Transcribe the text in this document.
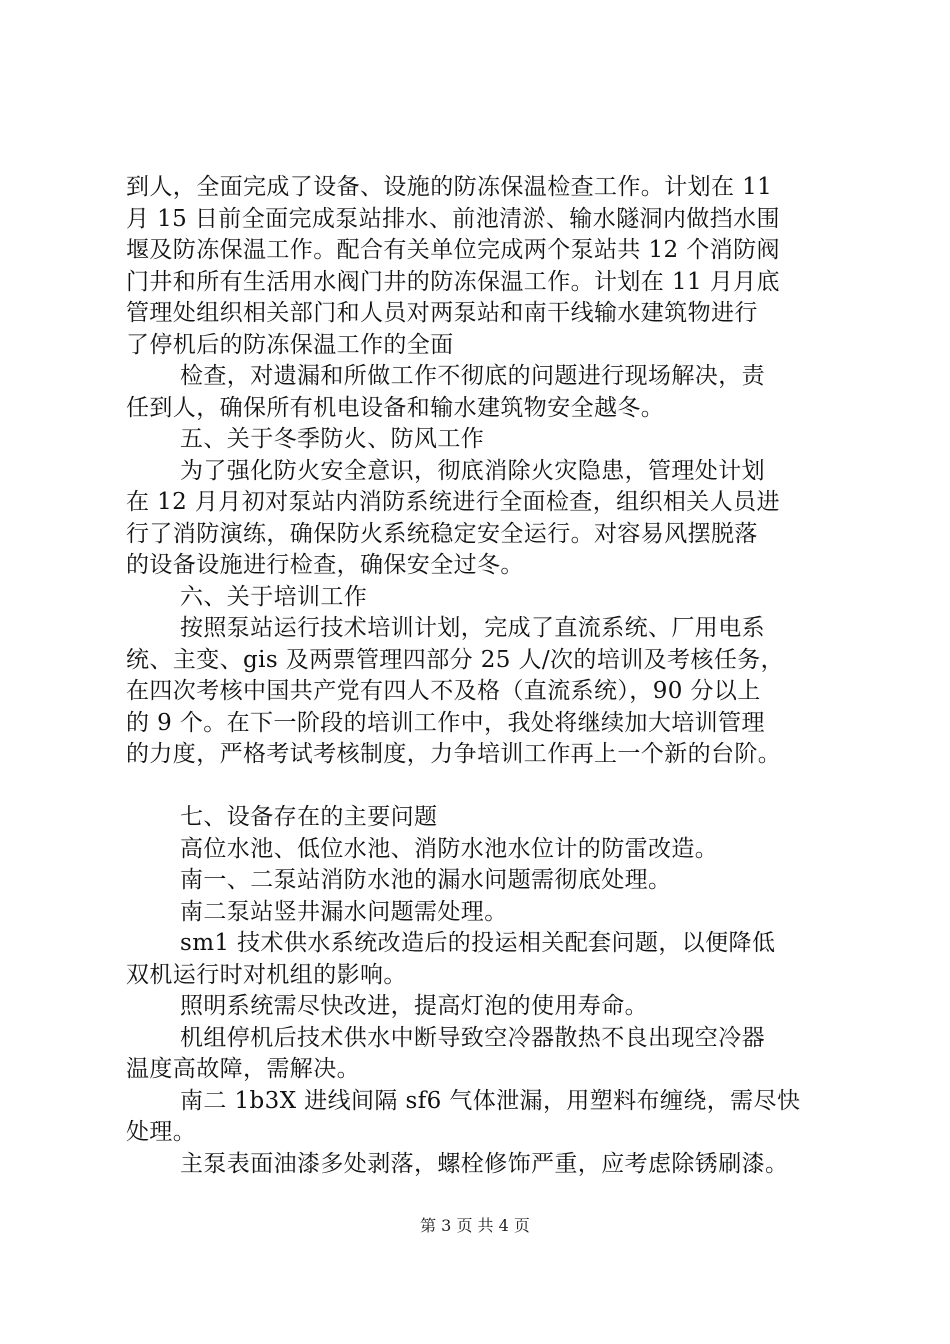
到人，全面完成了设备、设施的防冻保温检查工作。计划在 11
月 15 日前全面完成泵站排水、前池清淤、输水隧洞内做挡水围
堰及防冻保温工作。配合有关单位完成两个泵站共 12 个消防阀
门井和所有生活用水阀门井的防冻保温工作。计划在 11 月月底
管理处组织相关部门和人员对两泵站和南干线输水建筑物进行
了停机后的防冻保温工作的全面
检查，对遗漏和所做工作不彻底的问题进行现场解决，责
任到人，确保所有机电设备和输水建筑物安全越冬。
五、关于冬季防火、防风工作
为了强化防火安全意识，彻底消除火灾隐患，管理处计划
在 12 月月初对泵站内消防系统进行全面检查，组织相关人员进
行了消防演练，确保防火系统稳定安全运行。对容易风摆脱落
的设备设施进行检查，确保安全过冬。
六、关于培训工作
按照泵站运行技术培训计划，完成了直流系统、厂用电系
统、主变、gis 及两票管理四部分 25 人/次的培训及考核任务，
在四次考核中国共产党有四人不及格（直流系统），90 分以上
的 9 个。在下一阶段的培训工作中，我处将继续加大培训管理
的力度，严格考试考核制度，力争培训工作再上一个新的台阶。
七、设备存在的主要问题
高位水池、低位水池、消防水池水位计的防雷改造。
南一、二泵站消防水池的漏水问题需彻底处理。
南二泵站竖井漏水问题需处理。
sm1 技术供水系统改造后的投运相关配套问题，以便降低
双机运行时对机组的影响。
照明系统需尽快改进，提高灯泡的使用寿命。
机组停机后技术供水中断导致空冷器散热不良出现空冷器
温度高故障，需解决。
南二 1b3X 进线间隔 sf6 气体泄漏，用塑料布缠绕，需尽快
处理。
主泵表面油漆多处剥落，螺栓修饰严重，应考虑除锈刷漆。
第 3 页 共 4 页
